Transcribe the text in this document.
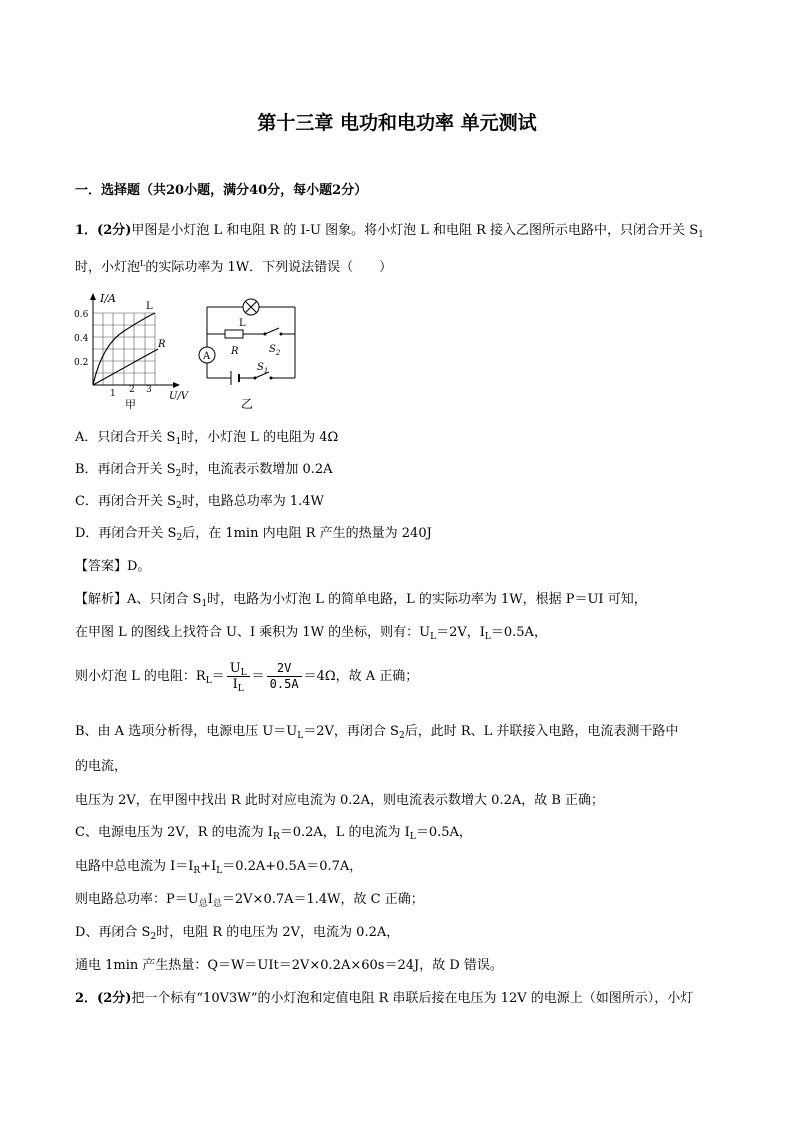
第十三章 电功和电功率 单元测试
一．选择题（共20小题，满分40分，每小题2分）
1．(2分)甲图是小灯泡 L 和电阻 R 的 I-U 图象。将小灯泡 L 和电阻 R 接入乙图所示电路中，只闭合开关 $S_1$
时，小灯泡$^L$的实际功率为 1W．下列说法错误（　　）
I/A
0.6
0.4
0.2
1 2 3
U/V
L
R
甲
A
L
R	$S_2$
$S_1$
乙
A．只闭合开关 $S_1$时，小灯泡 L 的电阻为 4Ω
B．再闭合开关 $S_2$时，电流表示数增加 0.2A
C．再闭合开关 $S_2$时，电路总功率为 1.4W
D．再闭合开关 $S_2$后，在 1min 内电阻 R 产生的热量为 240J
【答案】D。
【解析】A、只闭合 $S_1$时，电路为小灯泡 L 的简单电路，L 的实际功率为 1W，根据 P＝UI 可知，
在甲图 L 的图线上找符合 U、I 乘积为 1W 的坐标，则有：$U_L=2V$，$I_L=0.5A$，
则小灯泡 L 的电阻：$R_L= \frac{U_L}{I_L} = \frac{2V}{0.5A} =4\Omega$，故 A 正确；
B、由 A 选项分析得，电源电压 $U=U_L=2V$，再闭合 $S_2$后，此时 R、L 并联接入电路，电流表测干路中
的电流，
电压为 2V，在甲图中找出 R 此时对应电流为 0.2A，则电流表示数增大 0.2A，故 B 正确；
C、电源电压为 2V，R 的电流为 $I_R=0.2A$，L 的电流为 $I_L=0.5A$，
电路中总电流为 $I=I_R+I_L=0.2A+0.5A=0.7A$，
则电路总功率：$P=U_总I_总=2V\times 0.7A=1.4W$，故 C 正确；
D、再闭合 $S_2$时，电阻 R 的电压为 2V，电流为 0.2A，
通电 1min 产生热量：Q＝W＝UIt＝2V×0.2A×60s＝24J，故 D 错误。
2．(2分)把一个标有“10V3W”的小灯泡和定值电阻 R 串联后接在电压为 12V 的电源上（如图所示），小灯
